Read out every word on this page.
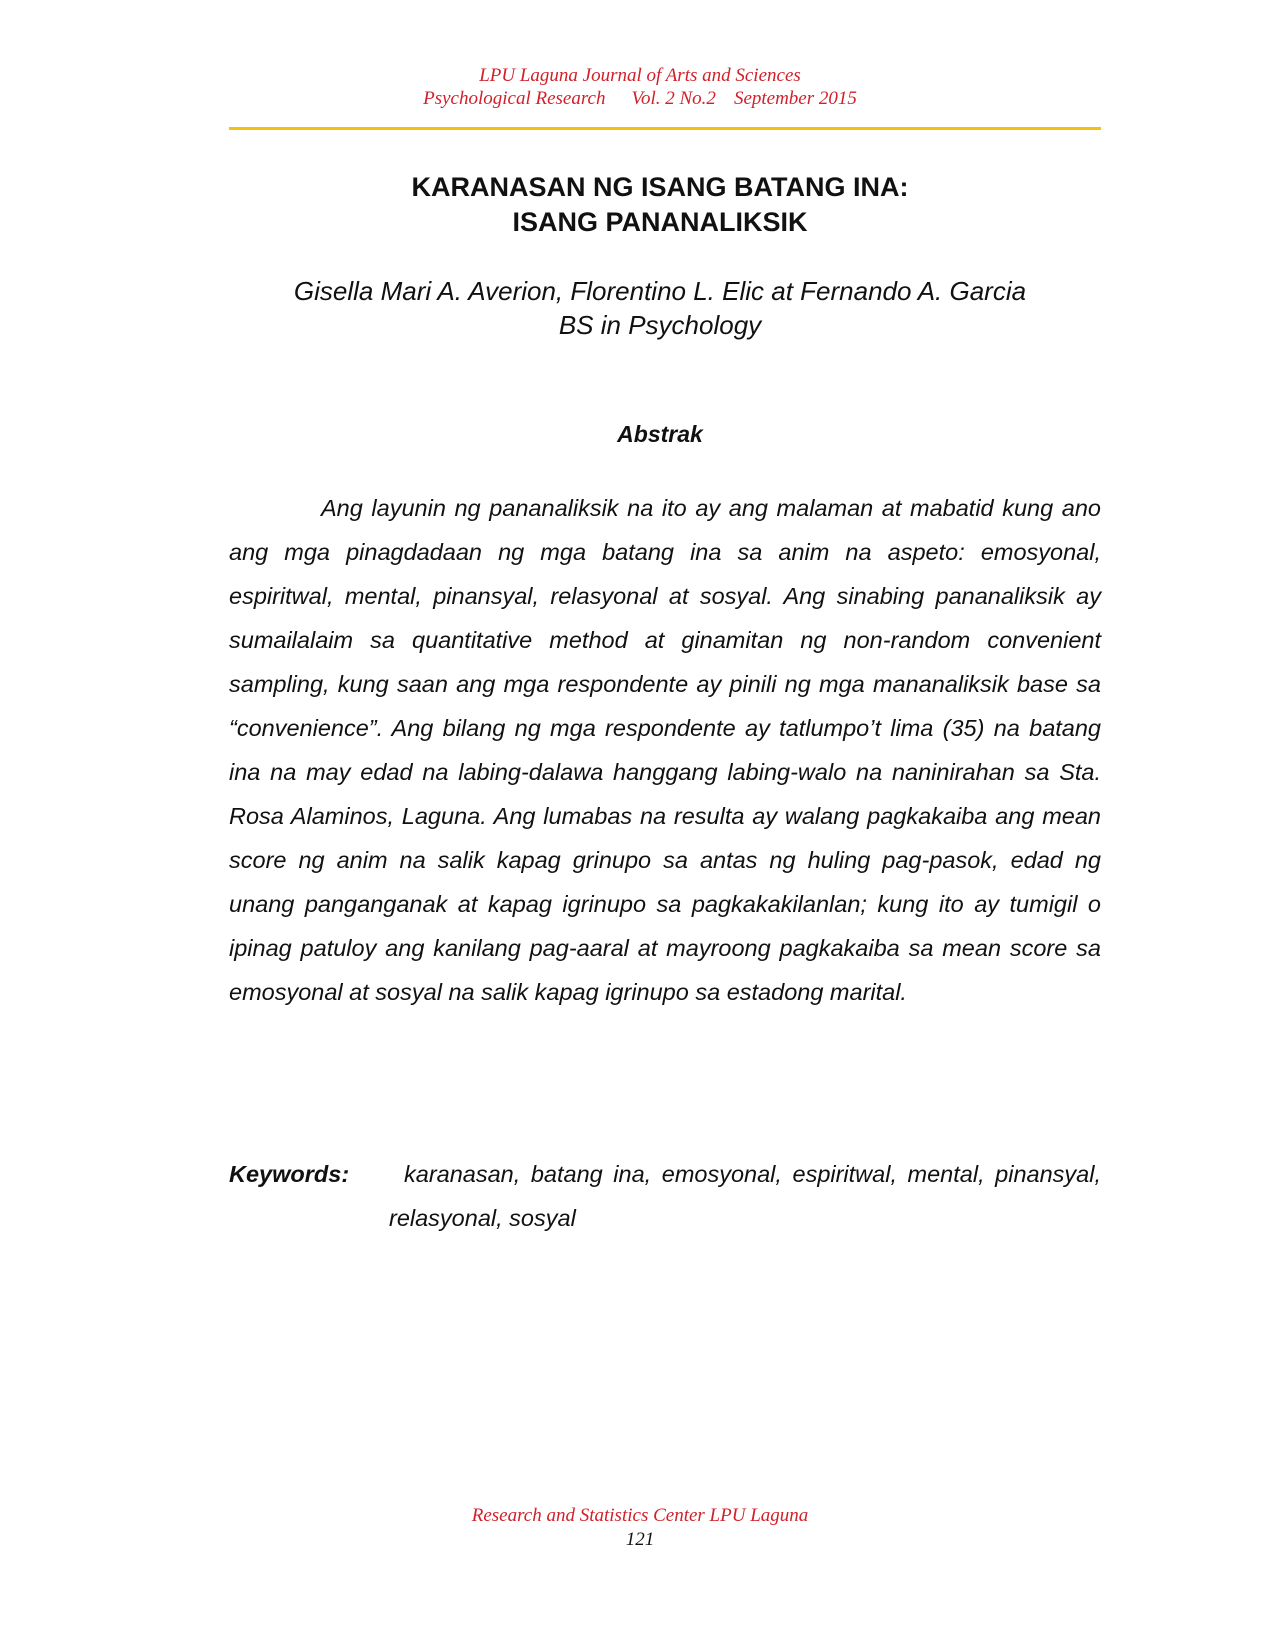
LPU Laguna Journal of Arts and Sciences
Psychological Research Vol. 2 No.2 September 2015
KARANASAN NG ISANG BATANG INA:
ISANG PANANALIKSIK
Gisella Mari A. Averion, Florentino L. Elic at Fernando A. Garcia
BS in Psychology
Abstrak

Ang layunin ng pananaliksik na ito ay ang malaman at mabatid kung ano ang mga pinagdadaan ng mga batang ina sa anim na aspeto: emosyonal, espiritwal, mental, pinansyal, relasyonal at sosyal. Ang sinabing pananaliksik ay sumailalaim sa quantitative method at ginamitan ng non-random convenient sampling, kung saan ang mga respondente ay pinili ng mga mananaliksik base sa “convenience”. Ang bilang ng mga respondente ay tatlumpo’t lima (35) na batang ina na may edad na labing-dalawa hanggang labing-walo na naninirahan sa Sta. Rosa Alaminos, Laguna. Ang lumabas na resulta ay walang pagkakaiba ang mean score ng anim na salik kapag grinupo sa antas ng huling pag-pasok, edad ng unang panganganak at kapag igrinupo sa pagkakakilanlan; kung ito ay tumigil o ipinag patuloy ang kanilang pag-aaral at mayroong pagkakaiba sa mean score sa emosyonal at sosyal na salik kapag igrinupo sa estadong marital.

Keywords:	karanasan, batang ina, emosyonal, espiritwal, mental, pinansyal, relasyonal, sosyal
Research and Statistics Center LPU Laguna
121
